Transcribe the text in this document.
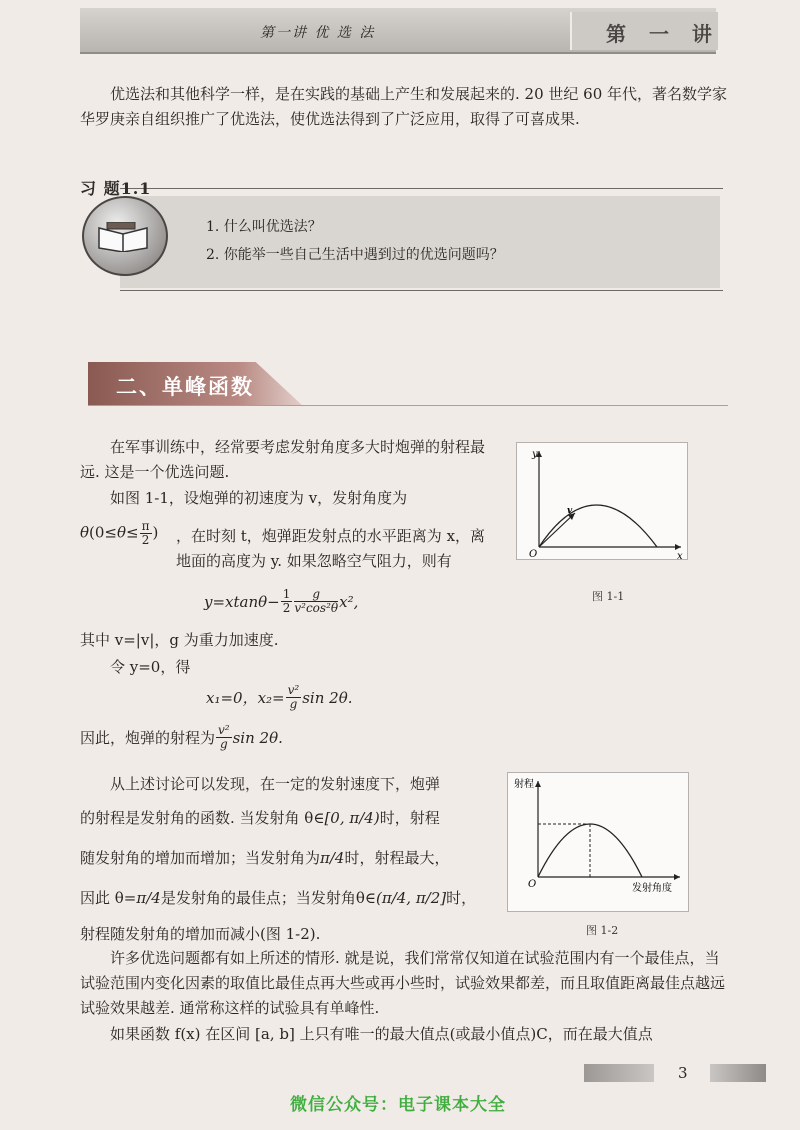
第一讲 优 选 法	第 一 讲
优选法和其他科学一样，是在实践的基础上产生和发展起来的. 20 世纪 60 年代，著名数学家华罗庚亲自组织推广了优选法，使优选法得到了广泛应用，取得了可喜成果.
习 题1.1
1. 什么叫优选法？
2. 你能举一些自己生活中遇到过的优选问题吗？
二、单峰函数
在军事训练中，经常要考虑发射角度多大时炮弹的射程最远. 这是一个优选问题.
如图 1-1，设炮弹的初速度为 v，发射角度为
$\theta(0\le\theta\le \frac{\pi}{2}$ ) ，在时刻 t，炮弹距发射点的水平距离为 x，离地面的高度为 y. 如果忽略空气阻力，则有
$y=xtan\theta- \frac{1}{2} \frac{g}{\text{v²cos²θ}} x^2$,
其中 v=|v|，g 为重力加速度.
令 y=0，得
x₁=0，$x_2= \frac{\text{v²}}{g}$ sin 2θ.
因此，炮弹的射程为 $\frac{\text{v²}}{g}$ sin 2θ.
从上述讨论可以发现，在一定的发射速度下，炮弹
的射程是发射角的函数. 当发射角 θ∈[0, π/4)时，射程
随发射角的增加而增加；当发射角为π/4时，射程最大，
因此 θ=π/4是发射角的最佳点；当发射角θ∈(π/4, π/2]时，
射程随发射角的增加而减小(图 1-2).
许多优选问题都有如上所述的情形. 就是说，我们常常仅知道在试验范围内有一个最佳点，当试验范围内变化因素的取值比最佳点再大些或再小些时，试验效果都差，而且取值距离最佳点越远试验效果越差. 通常称这样的试验具有单峰性.
如果函数 f(x) 在区间 [a, b] 上只有唯一的最大值点(或最小值点)C，而在最大值点
y
x
O
v
图 1-1
射程
发射角度
O
图 1-2
3
微信公众号：电子课本大全
